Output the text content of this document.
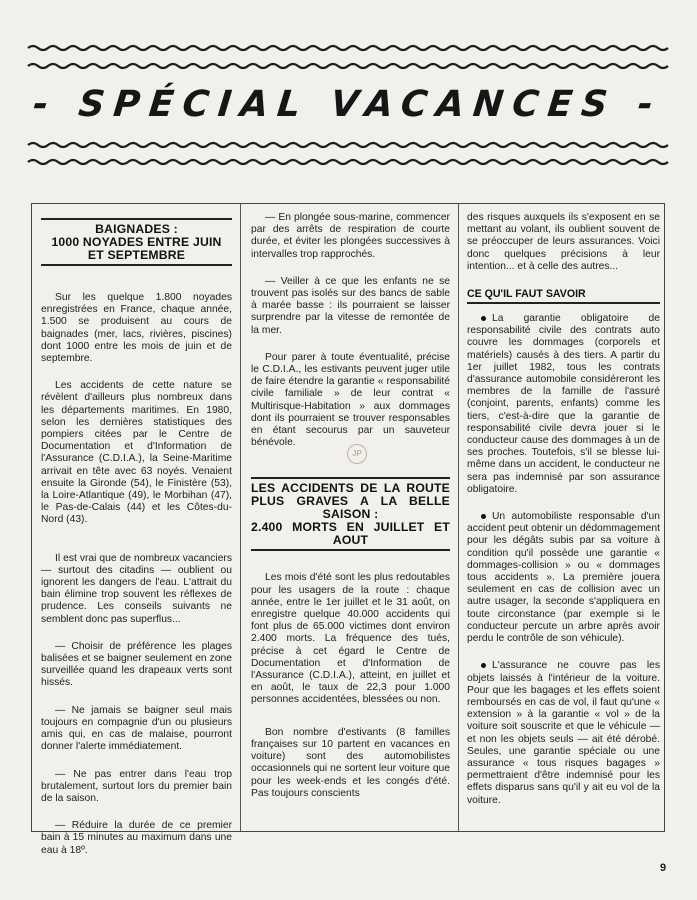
- SPÉCIAL VACANCES -
BAIGNADES :
1000 NOYADES ENTRE JUIN
ET SEPTEMBRE

Sur les quelque 1.800 noyades enregistrées en France, chaque année, 1.500 se produisent au cours de baignades (mer, lacs, rivières, piscines) dont 1000 entre les mois de juin et de septembre.

Les accidents de cette nature se révèlent d'ailleurs plus nombreux dans les départements maritimes. En 1980, selon les dernières statistiques des pompiers citées par le Centre de Documentation et d'Information de l'Assurance (C.D.I.A.), la Seine-Maritime arrivait en tête avec 63 noyés. Venaient ensuite la Gironde (54), le Finistère (53), la Loire-Atlantique (49), le Morbihan (47), le Pas-de-Calais (44) et les Côtes-du-Nord (43).

Il est vrai que de nombreux vacanciers — surtout des citadins — oublient ou ignorent les dangers de l'eau. L'attrait du bain élimine trop souvent les réflexes de prudence. Les conseils suivants ne semblent donc pas superflus...

— Choisir de préférence les plages balisées et se baigner seulement en zone surveillée quand les drapeaux verts sont hissés.

— Ne jamais se baigner seul mais toujours en compagnie d'un ou plusieurs amis qui, en cas de malaise, pourront donner l'alerte immédiatement.

— Ne pas entrer dans l'eau trop brutalement, surtout lors du premier bain de la saison.

— Réduire la durée de ce premier bain à 15 minutes au maximum dans une eau à 18º.

— En plongée sous-marine, commencer par des arrêts de respiration de courte durée, et éviter les plongées successives à intervalles trop rapprochés.

— Veiller à ce que les enfants ne se trouvent pas isolés sur des bancs de sable à marée basse : ils pourraient se laisser surprendre par la vitesse de remontée de la mer.

Pour parer à toute éventualité, précise le C.D.I.A., les estivants peuvent juger utile de faire étendre la garantie « responsabilité civile familiale » de leur contrat « Multirisque-Habitation » aux dommages dont ils pourraient se trouver responsables en étant secourus par un sauveteur bénévole.

LES ACCIDENTS DE LA ROUTE PLUS GRAVES A LA BELLE SAISON :
2.400 MORTS EN JUILLET ET AOUT

Les mois d'été sont les plus redoutables pour les usagers de la route : chaque année, entre le 1er juillet et le 31 août, on enregistre quelque 40.000 accidents qui font plus de 65.000 victimes dont environ 2.400 morts. La fréquence des tués, précise à cet égard le Centre de Documentation et d'Information de l'Assurance (C.D.I.A.), atteint, en juillet et en août, le taux de 22,3 pour 1.000 personnes accidentées, blessées ou non.

Bon nombre d'estivants (8 familles françaises sur 10 partent en vacances en voiture) sont des automobilistes occasionnels qui ne sortent leur voiture que pour les week-ends et les congés d'été. Pas toujours conscients

des risques auxquels ils s'exposent en se mettant au volant, ils oublient souvent de se préoccuper de leurs assurances. Voici donc quelques précisions à leur intention... et à celle des autres...

CE QU'IL FAUT SAVOIR

La garantie obligatoire de responsabilité civile des contrats auto couvre les dommages (corporels et matériels) causés à des tiers. A partir du 1er juillet 1982, tous les contrats d'assurance automobile considéreront les membres de la famille de l'assuré (conjoint, parents, enfants) comme les tiers, c'est-à-dire que la garantie de responsabilité civile devra jouer si le conducteur cause des dommages à un de ses proches. Toutefois, s'il se blesse lui-même dans un accident, le conducteur ne sera pas indemnisé par son assurance obligatoire.

Un automobiliste responsable d'un accident peut obtenir un dédommagement pour les dégâts subis par sa voiture à condition qu'il possède une garantie « dommages-collision » ou « dommages tous accidents ». La première jouera seulement en cas de collision avec un autre usager, la seconde s'appliquera en toute circonstance (par exemple si le conducteur percute un arbre après avoir perdu le contrôle de son véhicule).

L'assurance ne couvre pas les objets laissés à l'intérieur de la voiture. Pour que les bagages et les effets soient remboursés en cas de vol, il faut qu'une « extension » à la garantie « vol » de la voiture soit souscrite et que le véhicule — et non les objets seuls — ait été dérobé. Seules, une garantie spéciale ou une assurance « tous risques bagages » permettraient d'être indemnisé pour les effets disparus sans qu'il y ait eu vol de la voiture.

JP

9
